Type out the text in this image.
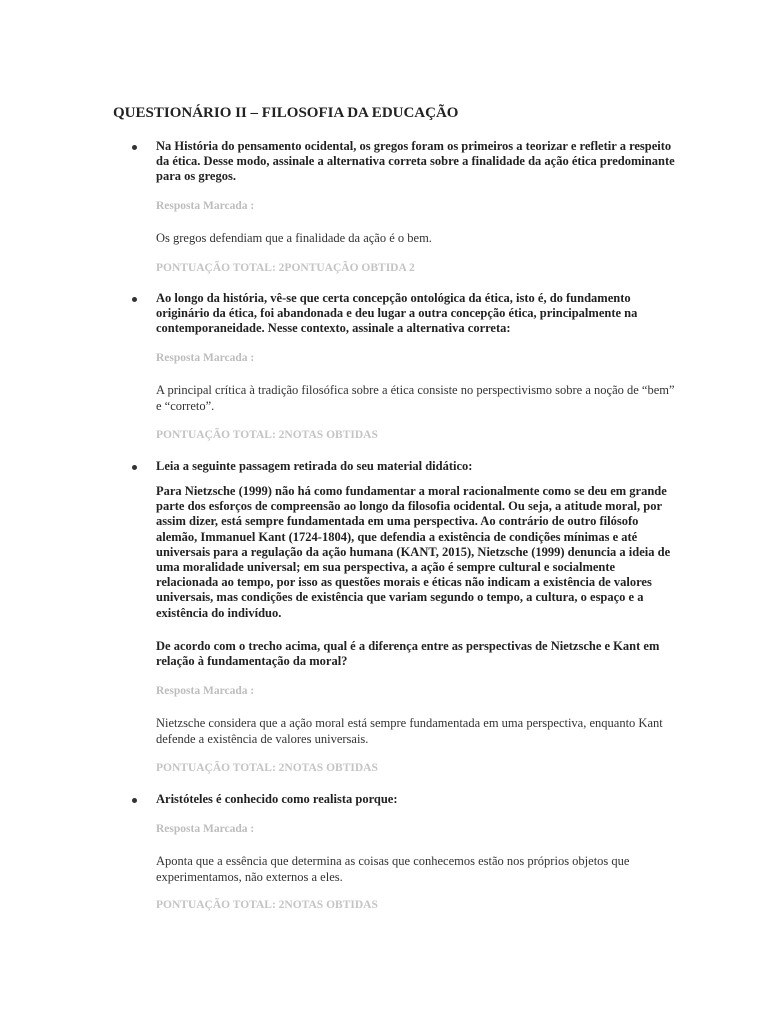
QUESTIONÁRIO II – FILOSOFIA DA EDUCAÇÃO

Na História do pensamento ocidental, os gregos foram os primeiros a teorizar e refletir a respeito da ética. Desse modo, assinale a alternativa correta sobre a finalidade da ação ética predominante para os gregos.

Resposta Marcada :

Os gregos defendiam que a finalidade da ação é o bem.

PONTUAÇÃO TOTAL: 2PONTUAÇÃO OBTIDA 2

Ao longo da história, vê-se que certa concepção ontológica da ética, isto é, do fundamento originário da ética, foi abandonada e deu lugar a outra concepção ética, principalmente na contemporaneidade. Nesse contexto, assinale a alternativa correta:

Resposta Marcada :

A principal crítica à tradição filosófica sobre a ética consiste no perspectivismo sobre a noção de “bem” e “correto”.

PONTUAÇÃO TOTAL: 2NOTAS OBTIDAS

Leia a seguinte passagem retirada do seu material didático:

Para Nietzsche (1999) não há como fundamentar a moral racionalmente como se deu em grande parte dos esforços de compreensão ao longo da filosofia ocidental. Ou seja, a atitude moral, por assim dizer, está sempre fundamentada em uma perspectiva. Ao contrário de outro filósofo alemão, Immanuel Kant (1724-1804), que defendia a existência de condições mínimas e até universais para a regulação da ação humana (KANT, 2015), Nietzsche (1999) denuncia a ideia de uma moralidade universal; em sua perspectiva, a ação é sempre cultural e socialmente relacionada ao tempo, por isso as questões morais e éticas não indicam a existência de valores universais, mas condições de existência que variam segundo o tempo, a cultura, o espaço e a existência do indivíduo.

De acordo com o trecho acima, qual é a diferença entre as perspectivas de Nietzsche e Kant em relação à fundamentação da moral?

Resposta Marcada :

Nietzsche considera que a ação moral está sempre fundamentada em uma perspectiva, enquanto Kant defende a existência de valores universais.

PONTUAÇÃO TOTAL: 2NOTAS OBTIDAS

Aristóteles é conhecido como realista porque:

Resposta Marcada :

Aponta que a essência que determina as coisas que conhecemos estão nos próprios objetos que experimentamos, não externos a eles.

PONTUAÇÃO TOTAL: 2NOTAS OBTIDAS
